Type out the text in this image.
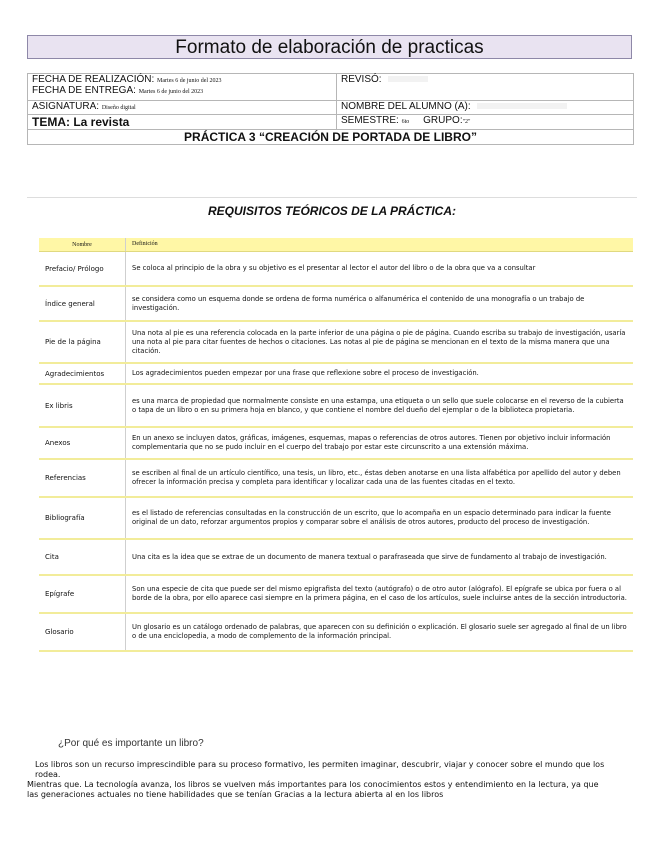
Formato de elaboración de practicas
FECHA DE REALIZACIÓN: Martes 6 de junio del 2023
FECHA DE ENTREGA: Martes 6 de junio del 2023	REVISÓ:
ASIGNATURA: Diseño digital	NOMBRE DEL ALUMNO (A):
TEMA: La revista	SEMESTRE: 6to GRUPO:"2"
PRÁCTICA 3 “CREACIÓN DE PORTADA DE LIBRO”	
REQUISITOS TEÓRICOS DE LA PRÁCTICA:
Nombre	Definición
Prefacio/ Prólogo	Se coloca al principio de la obra y su objetivo es el presentar al lector el autor del libro o de la obra que va a consultar
Índice general	se considera como un esquema donde se ordena de forma numérica o alfanumérica el contenido de una monografía o un trabajo de investigación.
Pie de la página	Una nota al pie es una referencia colocada en la parte inferior de una página o pie de página. Cuando escriba su trabajo de investigación, usaría una nota al pie para citar fuentes de hechos o citaciones. Las notas al pie de página se mencionan en el texto de la misma manera que una citación.
Agradecimientos	Los agradecimientos pueden empezar por una frase que reflexione sobre el proceso de investigación.
Ex libris	es una marca de propiedad que normalmente consiste en una estampa, una etiqueta o un sello que suele colocarse en el reverso de la cubierta o tapa de un libro o en su primera hoja en blanco, y que contiene el nombre del dueño del ejemplar o de la biblioteca propietaria.
Anexos	En un anexo se incluyen datos, gráficas, imágenes, esquemas, mapas o referencias de otros autores. Tienen por objetivo incluir información complementaria que no se pudo incluir en el cuerpo del trabajo por estar este circunscrito a una extensión máxima.
Referencias	se escriben al final de un artículo científico, una tesis, un libro, etc., éstas deben anotarse en una lista alfabética por apellido del autor y deben ofrecer la información precisa y completa para identificar y localizar cada una de las fuentes citadas en el texto.
Bibliografía	es el listado de referencias consultadas en la construcción de un escrito, que lo acompaña en un espacio determinado para indicar la fuente original de un dato, reforzar argumentos propios y comparar sobre el análisis de otros autores, producto del proceso de investigación.
Cita	Una cita es la idea que se extrae de un documento de manera textual o parafraseada que sirve de fundamento al trabajo de investigación.
Epígrafe	Son una especie de cita que puede ser del mismo epigrafista del texto (autógrafo) o de otro autor (alógrafo). El epígrafe se ubica por fuera o al borde de la obra, por ello aparece casi siempre en la primera página, en el caso de los artículos, suele incluirse antes de la sección introductoria.
Glosario	Un glosario es un catálogo ordenado de palabras, que aparecen con su definición o explicación. El glosario suele ser agregado al final de un libro o de una enciclopedia, a modo de complemento de la información principal.
¿Por qué es importante un libro?
Los libros son un recurso imprescindible para su proceso formativo, les permiten imaginar, descubrir, viajar y conocer sobre el mundo que los rodea.
Mientras que. La tecnología avanza, los libros se vuelven más importantes para los conocimientos estos y entendimiento en la lectura, ya que las generaciones actuales no tiene habilidades que se tenían Gracias a la lectura abierta al en los libros
